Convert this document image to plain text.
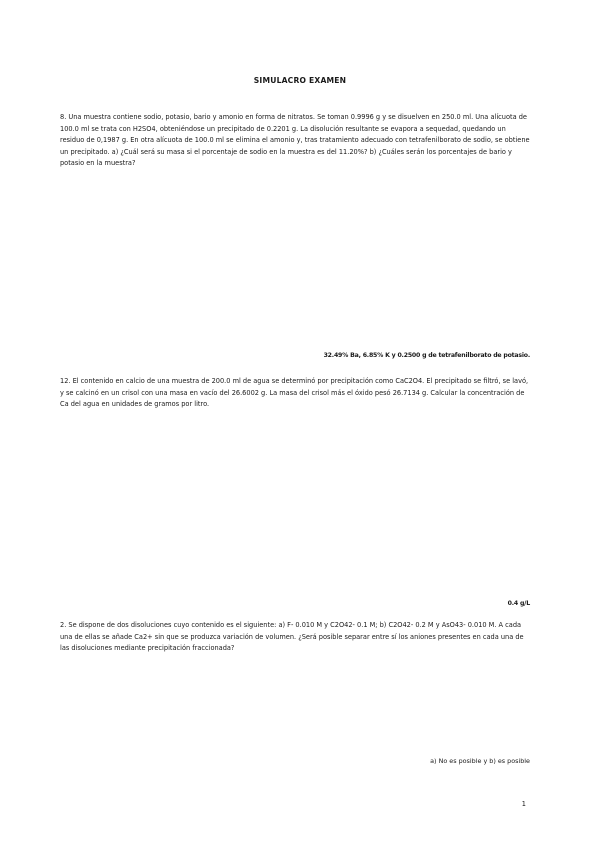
SIMULACRO EXAMEN

8. Una muestra contiene sodio, potasio, bario y amonio en forma de nitratos. Se toman 0.9996 g y se disuelven en 250.0 ml. Una alícuota de 100.0 ml se trata con H2SO4, obteniéndose un precipitado de 0.2201 g. La disolución resultante se evapora a sequedad, quedando un residuo de 0,1987 g. En otra alícuota de 100.0 ml se elimina el amonio y, tras tratamiento adecuado con tetrafenilborato de sodio, se obtiene un precipitado. a) ¿Cuál será su masa si el porcentaje de sodio en la muestra es del 11.20%? b) ¿Cuáles serán los porcentajes de bario y potasio en la muestra?

32.49% Ba, 6.85% K y 0.2500 g de tetrafenilborato de potasio.

12. El contenido en calcio de una muestra de 200.0 ml de agua se determinó por precipitación como CaC2O4. El precipitado se filtró, se lavó, y se calcinó en un crisol con una masa en vacío del 26.6002 g. La masa del crisol más el óxido pesó 26.7134 g. Calcular la concentración de Ca del agua en unidades de gramos por litro.

0.4 g/L

2. Se dispone de dos disoluciones cuyo contenido es el siguiente: a) F- 0.010 M y C2O42- 0.1 M; b) C2O42- 0.2 M y AsO43- 0.010 M. A cada una de ellas se añade Ca2+ sin que se produzca variación de volumen. ¿Será posible separar entre sí los aniones presentes en cada una de las disoluciones mediante precipitación fraccionada?

a) No es posible y b) es posible
1
